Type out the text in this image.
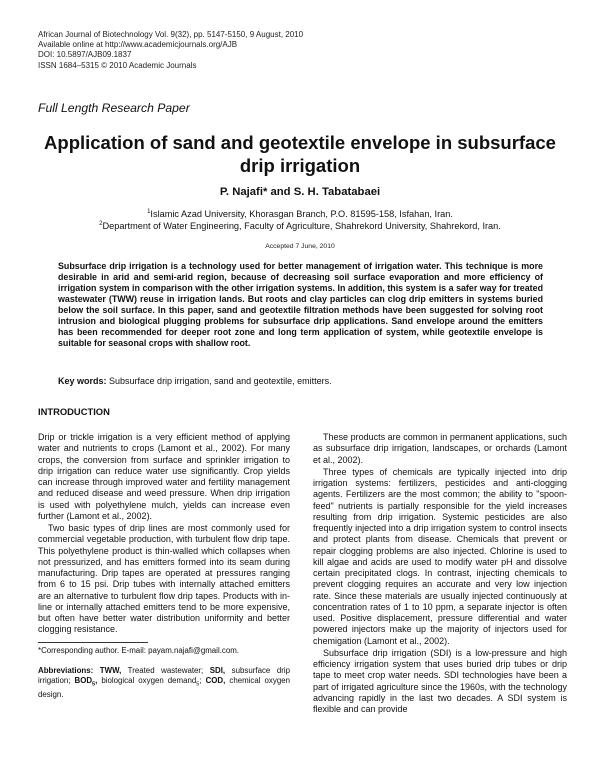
African Journal of Biotechnology Vol. 9(32), pp. 5147-5150, 9 August, 2010
Available online at http://www.academicjournals.org/AJB
DOI: 10.5897/AJB09.1837
ISSN 1684–5315 © 2010 Academic Journals
Full Length Research Paper
Application of sand and geotextile envelope in subsurface drip irrigation
P. Najafi* and S. H. Tabatabaei
$^1$Islamic Azad University, Khorasgan Branch, P.O. 81595-158, Isfahan, Iran.
$^2$Department of Water Engineering, Faculty of Agriculture, Shahrekord University, Shahrekord, Iran.
Accepted 7 June, 2010
Subsurface drip irrigation is a technology used for better management of irrigation water. This technique is more desirable in arid and semi-arid region, because of decreasing soil surface evaporation and more efficiency of irrigation system in comparison with the other irrigation systems. In addition, this system is a safer way for treated wastewater (TWW) reuse in irrigation lands. But roots and clay particles can clog drip emitters in systems buried below the soil surface. In this paper, sand and geotextile filtration methods have been suggested for solving root intrusion and biological plugging problems for subsurface drip applications. Sand envelope around the emitters has been recommended for deeper root zone and long term application of system, while geotextile envelope is suitable for seasonal crops with shallow root.
Key words: Subsurface drip irrigation, sand and geotextile, emitters.
INTRODUCTION

Drip or trickle irrigation is a very efficient method of applying water and nutrients to crops (Lamont et al., 2002). For many crops, the conversion from surface and sprinkler irrigation to drip irrigation can reduce water use significantly. Crop yields can increase through improved water and fertility management and reduced disease and weed pressure. When drip irrigation is used with polyethylene mulch, yields can increase even further (Lamont et al., 2002).

Two basic types of drip lines are most commonly used for commercial vegetable production, with turbulent flow drip tape. This polyethylene product is thin-walled which collapses when not pressurized, and has emitters formed into its seam during manufacturing. Drip tapes are operated at pressures ranging from 6 to 15 psi. Drip tubes with internally attached emitters are an alternative to turbulent flow drip tapes. Products with in-line or internally attached emitters tend to be more expensive, but often have better water distribution uniformity and better clogging resistance.

These products are common in permanent applications, such as subsurface drip irrigation, landscapes, or orchards (Lamont et al., 2002).

Three types of chemicals are typically injected into drip irrigation systems: fertilizers, pesticides and anti-clogging agents. Fertilizers are the most common; the ability to "spoon-feed" nutrients is partially responsible for the yield increases resulting from drip irrigation. Systemic pesticides are also frequently injected into a drip irrigation system to control insects and protect plants from disease. Chemicals that prevent or repair clogging problems are also injected. Chlorine is used to kill algae and acids are used to modify water pH and dissolve certain precipitated clogs. In contrast, injecting chemicals to prevent clogging requires an accurate and very low injection rate. Since these materials are usually injected continuously at concentration rates of 1 to 10 ppm, a separate injector is often used. Positive displacement, pressure differential and water powered injectors make up the majority of injectors used for chemigation (Lamont et al., 2002).

Subsurface drip irrigation (SDI) is a low-pressure and high efficiency irrigation system that uses buried drip tubes or drip tape to meet crop water needs. SDI technologies have been a part of irrigated agriculture since the 1960s, with the technology advancing rapidly in the last two decades. A SDI system is flexible and can provide

*Corresponding author. E-mail: payam.najafi@gmail.com.
Abbreviations: TWW, Treated wastewater; SDI, subsurface drip irrigation; $BOD_5$, biological oxygen demand$_5$; COD, chemical oxygen design.
